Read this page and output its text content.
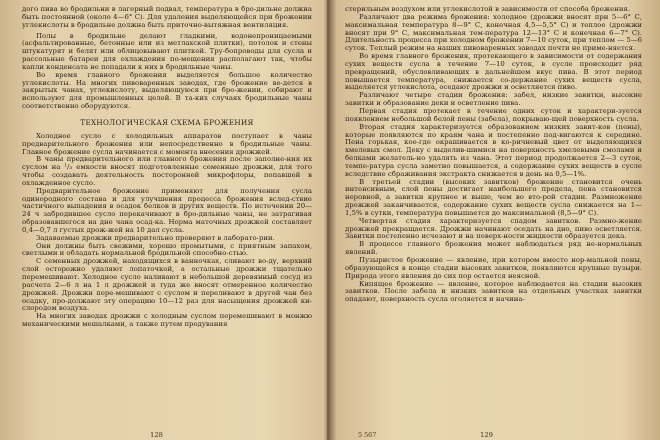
дого пива во бродильни в лагерный подвал, температура в бро-дильне должна быть постоянной (около 4—6° С). Для удаления выделяющейся при брожении углекислоты в бродильне должна быть приточно-вытяжная вентиляция.

Полы в бродильне делают гладкими, водонепроницаемыми (асфальтированные, бетонные или из метлахской плитки), потолок и стены штукатурят и белят или облицовывают плиткой. Тру-бопроводы для сусла и рассольные батареи для охлаждения по-мещения располагают так, чтобы капли конденсата не попадали к них в бродильные чаны.

Во время главного брожения выделяется большое количество углекислоты. На многих пивоваренных заводах, где брожение ве-дется в закрытых чанах, углекислоту, выделяющуюся при бро-жении, собирают и используют для промышленных целей. В та-ких случаях бродильные чаны соответственно оборудуются.

ТЕХНОЛОГИЧЕСКАЯ СХЕМА БРОЖЕНИЯ

Холодное сусло с холодильных аппаратов поступает в чаны предварительного брожения или непосредственно в бродильные чаны. Главное брожение сусла начинается с момента внесения дрожжей.

В чаны предварительного или главного брожения после заполне-ния их суслом на ¹/₃ емкости вносят подготовленные семенные дрожжи, для того чтобы создавать деятельность посторонней микрофлоры, попавшей в охлажденное сусло.

Предварительное брожение применяют для получения сусла одинородного состава и для улучшения процесса брожения вслед-ствие частичного выпадения в осадок белков и других веществ. По истечении 20—24 ч забродившее сусло перекачивают в бро-дильные чаны, не затрагивая образовавшегося на дне чана осад-ка. Норма маточных дрожжей составляет 0,4—0,7 л густых дрож-жей на 10 дал сусла.

Задаваемые дрожжи предварительно проверяют в лаборато-рии.

Они должны быть свежими, хорошо промытыми, с приятным запахом, светлыми и обладать нормальной бродильной способно-стью.

С семенных дрожжей, находящихся в ванночках, сливают во-ду, верхний слой осторожно удаляют лопаточкой, а остальные дрожжи тщательно перемешивают. Холодное сусло наливают в небольшой деревянный сосуд из расчета 2—6 л на 1 л дрожжей и туда же вносят отмеренное количество дрожжей. Дрожжи пере-мешивают с суслом и переливают в другой чан без осадку, про-должают эту операцию 10—12 раз для насыщения дрожжей ки-слородом воздуха.

На многих заводах дрожжи с холодным суслом перемешивают в монжю механическими мешалками, а также путем продувания

128

стерильным воздухом или углекислотой в зависимости от способа брожения.

Различают два режима брожения: холодное (дрожжи вносят при 5—6° С, максимальная температура 8—9° С, конечная 4,5—5,5° С) и теплое (дрожжи вносят при 9° С, максимальная тем-пература 12—13° С и конечная 6—7° С). Длительность процесса при холодном брожении 7—10 суток, при теплом — 5—6 суток. Теплый режим на наших пивоваренных заводах почти не приме-няется.

Во время главного брожения, протекающего в зависимости от содержания сухих веществ сусла в течение 7—10 суток, в сусле происходит ряд превращений, обусловливающих в дальнейшем вкус пива. В этот период повышается температура, снижается со-держание сухих веществ сусла, выделяется углекислота, оседают дрожжи и осветляется пиво.

Различают четыре стадии брожения: забел, низкие завитки, высокие завитки и образование деки и осветление пива.

Первая стадия протекает в течение одних суток и характери-зуется появлением небольшой белой пены (забела), покрываю-щей поверхность сусла.

Вторая стадия характеризуется образованием низких завит-ков (пены), которые появляются по краям чана и постепенно под-вигаются к середине. Пена горькая, кое-где окрашивается в ко-ричневый цвет от выделяющихся хмелевых смол. Деку с выделив-шимися на поверхность хмелевыми смолами и белками желатель-но удалять из чана. Этот период продолжается 2—3 суток, темпе-ратура сусла заметно повышается, а содержание сухих веществ в сусле вследствие сбраживания экстракта снижается в день на 0,5—1%.

В третьей стадии (высоких завитков) брожение становится очень интенсивным, слой пены достигает наибольшего предела, пена становится неровной, а завитки крупнее и выше, чем во вто-рой стадии. Размножение дрожжей заканчивается, содержание сухих веществ сусла снижается на 1—1,5% в сутки, температура повышается до максимальной (8,5—9° С).

Четвертая стадия характеризуется спадом завитков. Размно-жение дрожжей прекращается. Дрожжи начинают оседать на дно, пиво осветляется. Завитки постепенно исчезают и на поверх-ности жидкости образуется дека.

В процессе главного брожения может наблюдаться ряд не-нормальных явлений.

Пузыристое брожение — явление, при котором вместо нор-мальной пены, образующейся в конце стадии высоких завитков, появляются крупные пузыри. Природа этого явления до сих пор остается неясной.

Кипящее брожение — явление, которое наблюдается на стадии высоких завитков. После забела и низких завитков на отдельных участках завитки опадают, поверхность сусла оголяется и начина-

5 567	129
